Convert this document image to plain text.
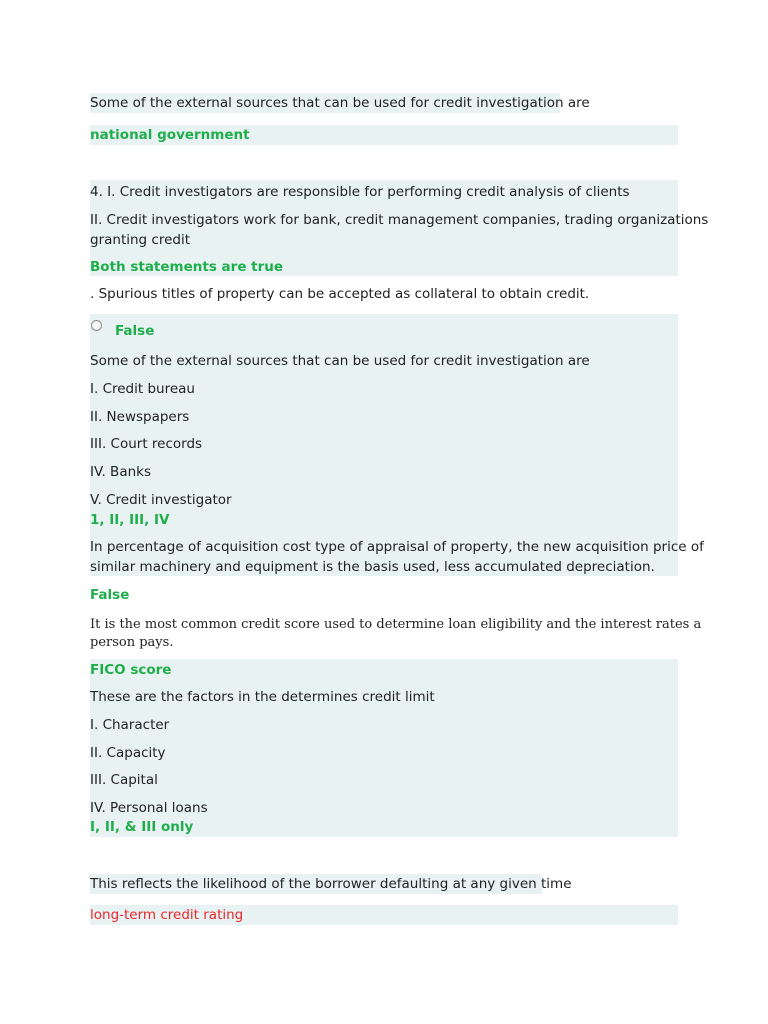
Some of the external sources that can be used for credit investigation are
national government
4. I. Credit investigators are responsible for performing credit analysis of clients
II. Credit investigators work for bank, credit management companies, trading organizations
granting credit
Both statements are true
. Spurious titles of property can be accepted as collateral to obtain credit.
False
Some of the external sources that can be used for credit investigation are
I. Credit bureau
II. Newspapers
III. Court records
IV. Banks
V. Credit investigator
1, II, III, IV
In percentage of acquisition cost type of appraisal of property, the new acquisition price of
similar machinery and equipment is the basis used, less accumulated depreciation.
False
It is the most common credit score used to determine loan eligibility and the interest rates a
person pays.
FICO score
These are the factors in the determines credit limit
I. Character
II. Capacity
III. Capital
IV. Personal loans
I, II, & III only
This reflects the likelihood of the borrower defaulting at any given time
long-term credit rating
